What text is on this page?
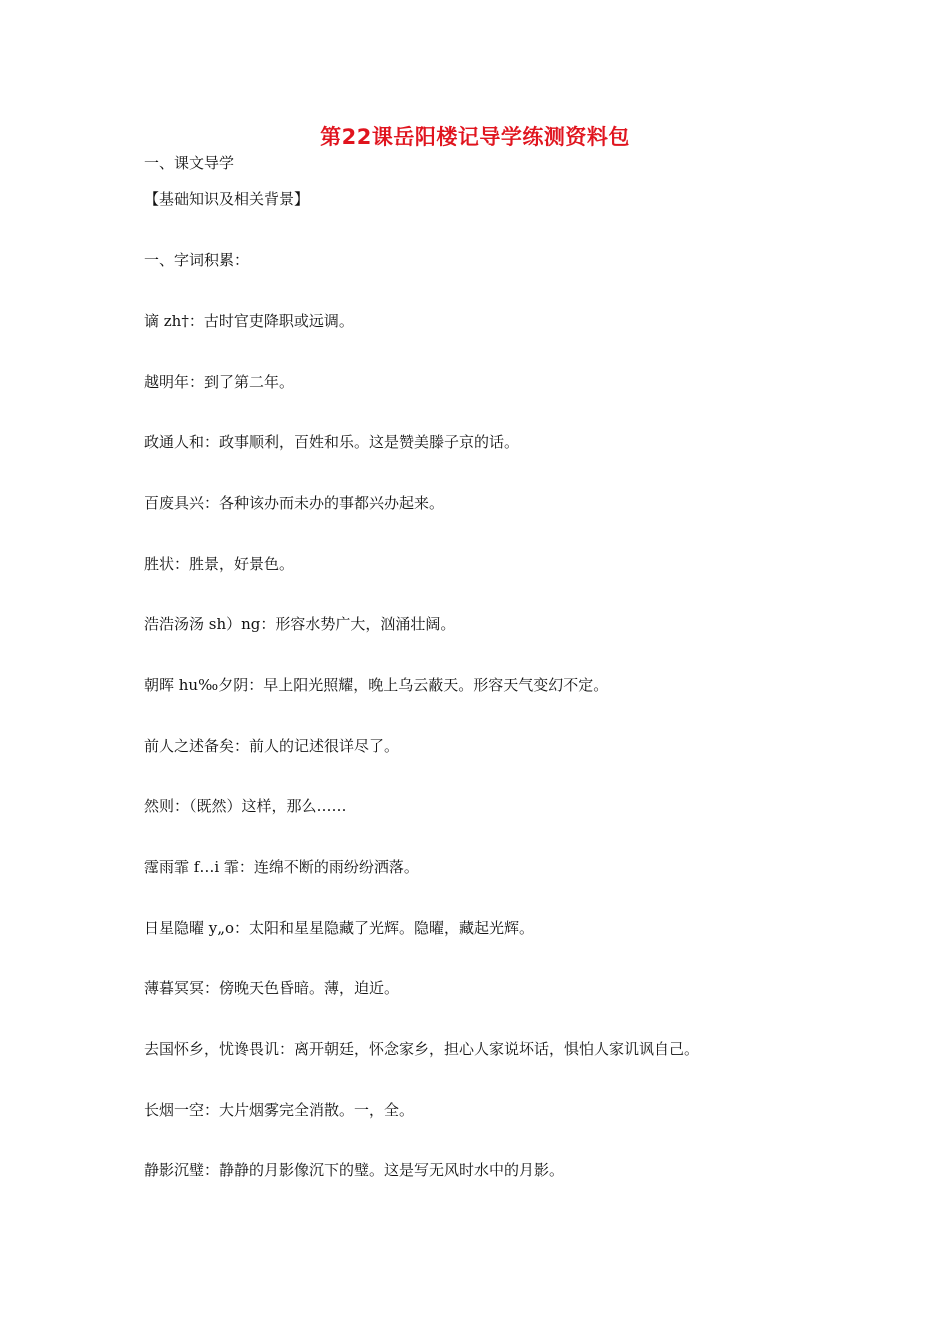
第22课岳阳楼记导学练测资料包
一、课文导学
【基础知识及相关背景】
一、字词积累：
谪 zh†：古时官吏降职或远调。
越明年：到了第二年。
政通人和：政事顺利，百姓和乐。这是赞美滕子京的话。
百废具兴：各种该办而未办的事都兴办起来。
胜状：胜景，好景色。
浩浩汤汤 sh）ng：形容水势广大，汹涌壮阔。
朝晖 hu‰夕阴：早上阳光照耀，晚上乌云蔽天。形容天气变幻不定。
前人之述备矣：前人的记述很详尽了。
然则：（既然）这样，那么……
霪雨霏 f…i 霏：连绵不断的雨纷纷洒落。
日星隐曜 y„o：太阳和星星隐藏了光辉。隐曜，藏起光辉。
薄暮冥冥：傍晚天色昏暗。薄，迫近。
去国怀乡，忧谗畏讥：离开朝廷，怀念家乡，担心人家说坏话，惧怕人家讥讽自己。
长烟一空：大片烟雾完全消散。一，全。
静影沉璧：静静的月影像沉下的璧。这是写无风时水中的月影。
